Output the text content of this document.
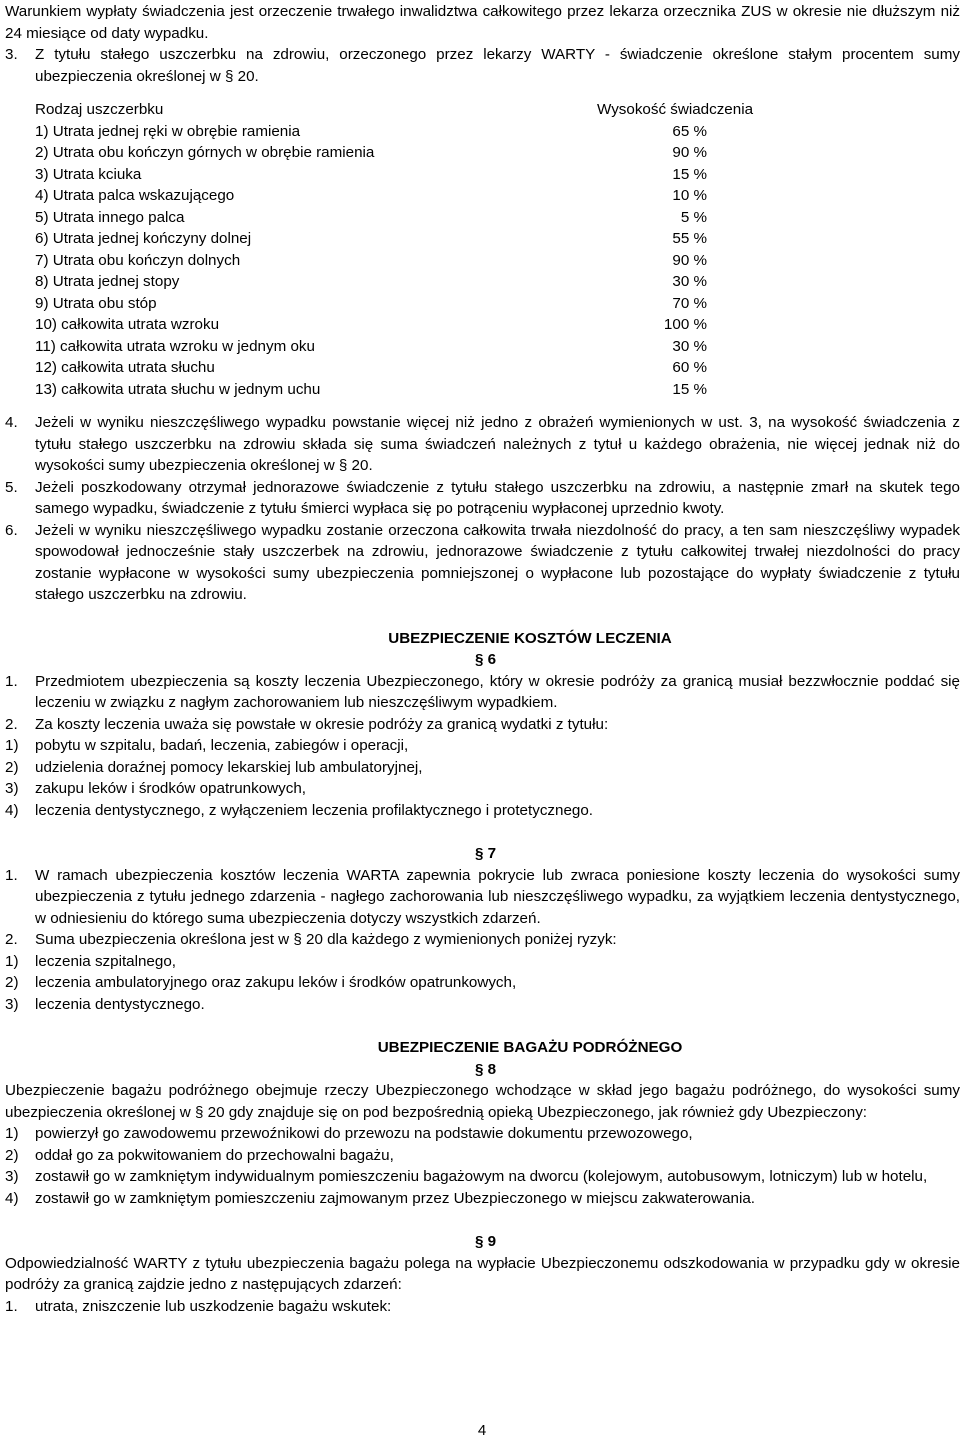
Warunkiem wypłaty świadczenia jest orzeczenie trwałego inwalidztwa całkowitego przez lekarza orzecznika ZUS w okresie nie dłuższym niż 24 miesiące od daty wypadku.
3.	Z tytułu stałego uszczerbku na zdrowiu, orzeczonego przez lekarzy WARTY - świadczenie określone stałym procentem sumy ubezpieczenia określonej w § 20.
Rodzaj uszczerbku	Wysokość świadczenia
1) Utrata jednej ręki w obrębie ramienia	65 %
2) Utrata obu kończyn górnych w obrębie ramienia	90 %
3) Utrata kciuka	15 %
4) Utrata palca wskazującego	10 %
5) Utrata innego palca	5 %
6) Utrata jednej kończyny dolnej	55 %
7) Utrata obu kończyn dolnych	90 %
8) Utrata jednej stopy	30 %
9) Utrata obu stóp	70 %
10) całkowita utrata wzroku	100 %
11) całkowita utrata wzroku w jednym oku	30 %
12) całkowita utrata słuchu	60 %
13) całkowita utrata słuchu w jednym uchu	15 %
4.	Jeżeli w wyniku nieszczęśliwego wypadku powstanie więcej niż jedno z obrażeń wymienionych w ust. 3, na wysokość świadczenia z tytułu stałego uszczerbku na zdrowiu składa się suma świadczeń należnych z tytuł u każdego obrażenia, nie więcej jednak niż do wysokości sumy ubezpieczenia określonej w § 20.
5.	Jeżeli poszkodowany otrzymał jednorazowe świadczenie z tytułu stałego uszczerbku na zdrowiu, a następnie zmarł na skutek tego samego wypadku, świadczenie z tytułu śmierci wypłaca się po potrąceniu wypłaconej uprzednio kwoty.
6.	Jeżeli w wyniku nieszczęśliwego wypadku zostanie orzeczona całkowita trwała niezdolność do pracy, a ten sam nieszczęśliwy wypadek spowodował jednocześnie stały uszczerbek na zdrowiu, jednorazowe świadczenie z tytułu całkowitej trwałej niezdolności do pracy zostanie wypłacone w wysokości sumy ubezpieczenia pomniejszonej o wypłacone lub pozostające do wypłaty świadczenie z tytułu stałego uszczerbku na zdrowiu.
UBEZPIECZENIE KOSZTÓW LECZENIA
§ 6
1.	Przedmiotem ubezpieczenia są koszty leczenia Ubezpieczonego, który w okresie podróży za granicą musiał bezzwłocznie poddać się leczeniu w związku z nagłym zachorowaniem lub nieszczęśliwym wypadkiem.
2.	Za koszty leczenia uważa się powstałe w okresie podróży za granicą wydatki z tytułu:
1)	pobytu w szpitalu, badań, leczenia, zabiegów i operacji,
2)	udzielenia doraźnej pomocy lekarskiej lub ambulatoryjnej,
3)	zakupu leków i środków opatrunkowych,
4)	leczenia dentystycznego, z wyłączeniem leczenia profilaktycznego i protetycznego.
§ 7
1.	W ramach ubezpieczenia kosztów leczenia WARTA zapewnia pokrycie lub zwraca poniesione koszty leczenia do wysokości sumy ubezpieczenia z tytułu jednego zdarzenia - nagłego zachorowania lub nieszczęśliwego wypadku, za wyjątkiem leczenia dentystycznego, w odniesieniu do którego suma ubezpieczenia dotyczy wszystkich zdarzeń.
2.	Suma ubezpieczenia określona jest w § 20 dla każdego z wymienionych poniżej ryzyk:
1)	leczenia szpitalnego,
2)	leczenia ambulatoryjnego oraz zakupu leków i środków opatrunkowych,
3)	leczenia dentystycznego.
UBEZPIECZENIE BAGAŻU PODRÓŻNEGO
§ 8
Ubezpieczenie bagażu podróżnego obejmuje rzeczy Ubezpieczonego wchodzące w skład jego bagażu podróżnego, do wysokości sumy ubezpieczenia określonej w § 20 gdy znajduje się on pod bezpośrednią opieką Ubezpieczonego, jak również gdy Ubezpieczony:
1)	powierzył go zawodowemu przewoźnikowi do przewozu na podstawie dokumentu przewozowego,
2)	oddał go za pokwitowaniem do przechowalni bagażu,
3)	zostawił go w zamkniętym indywidualnym pomieszczeniu bagażowym na dworcu (kolejowym, autobusowym, lotniczym) lub w hotelu,
4)	zostawił go w zamkniętym pomieszczeniu zajmowanym przez Ubezpieczonego w miejscu zakwaterowania.
§ 9
Odpowiedzialność WARTY z tytułu ubezpieczenia bagażu polega na wypłacie Ubezpieczonemu odszkodowania w przypadku gdy w okresie podróży za granicą zajdzie jedno z następujących zdarzeń:
1.	utrata, zniszczenie lub uszkodzenie bagażu wskutek:
4
